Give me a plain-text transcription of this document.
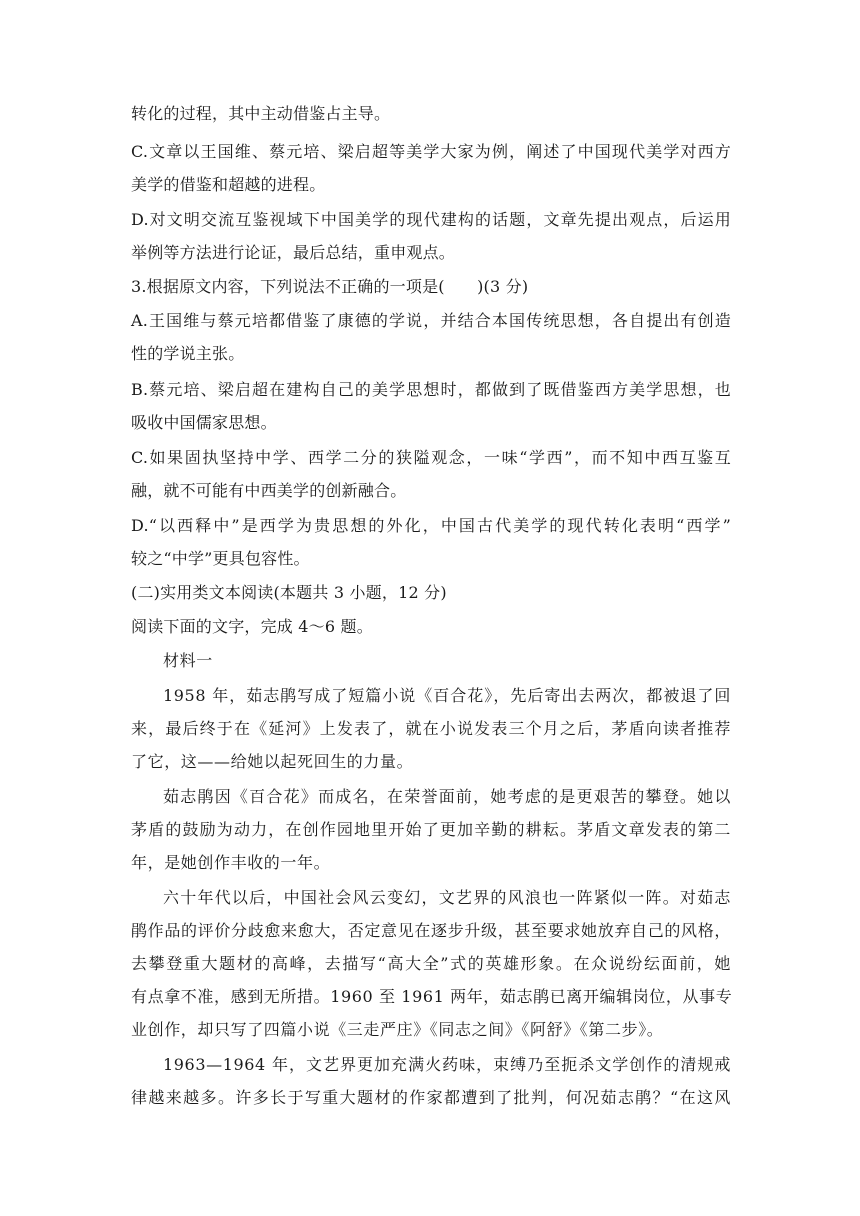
转化的过程，其中主动借鉴占主导。
C.文章以王国维、蔡元培、梁启超等美学大家为例，阐述了中国现代美学对西方
美学的借鉴和超越的进程。
D.对文明交流互鉴视域下中国美学的现代建构的话题，文章先提出观点，后运用
举例等方法进行论证，最后总结，重申观点。
3.根据原文内容，下列说法不正确的一项是(　　)(3 分)
A.王国维与蔡元培都借鉴了康德的学说，并结合本国传统思想，各自提出有创造
性的学说主张。
B.蔡元培、梁启超在建构自己的美学思想时，都做到了既借鉴西方美学思想，也
吸收中国儒家思想。
C.如果固执坚持中学、西学二分的狭隘观念，一味“学西”，而不知中西互鉴互
融，就不可能有中西美学的创新融合。
D.“以西释中”是西学为贵思想的外化，中国古代美学的现代转化表明“西学”
较之“中学”更具包容性。
(二)实用类文本阅读(本题共 3 小题，12 分)
阅读下面的文字，完成 4～6 题。
材料一
1958 年，茹志鹃写成了短篇小说《百合花》，先后寄出去两次，都被退了回
来，最后终于在《延河》上发表了，就在小说发表三个月之后，茅盾向读者推荐
了它，这——给她以起死回生的力量。
茹志鹃因《百合花》而成名，在荣誉面前，她考虑的是更艰苦的攀登。她以
茅盾的鼓励为动力，在创作园地里开始了更加辛勤的耕耘。茅盾文章发表的第二
年，是她创作丰收的一年。
六十年代以后，中国社会风云变幻，文艺界的风浪也一阵紧似一阵。对茹志
鹃作品的评价分歧愈来愈大，否定意见在逐步升级，甚至要求她放弃自己的风格，
去攀登重大题材的高峰，去描写“高大全”式的英雄形象。在众说纷纭面前，她
有点拿不准，感到无所措。1960 至 1961 两年，茹志鹃已离开编辑岗位，从事专
业创作，却只写了四篇小说《三走严庄》《同志之间》《阿舒》《第二步》。
1963—1964 年，文艺界更加充满火药味，束缚乃至扼杀文学创作的清规戒
律越来越多。许多长于写重大题材的作家都遭到了批判，何况茹志鹃？“在这风
